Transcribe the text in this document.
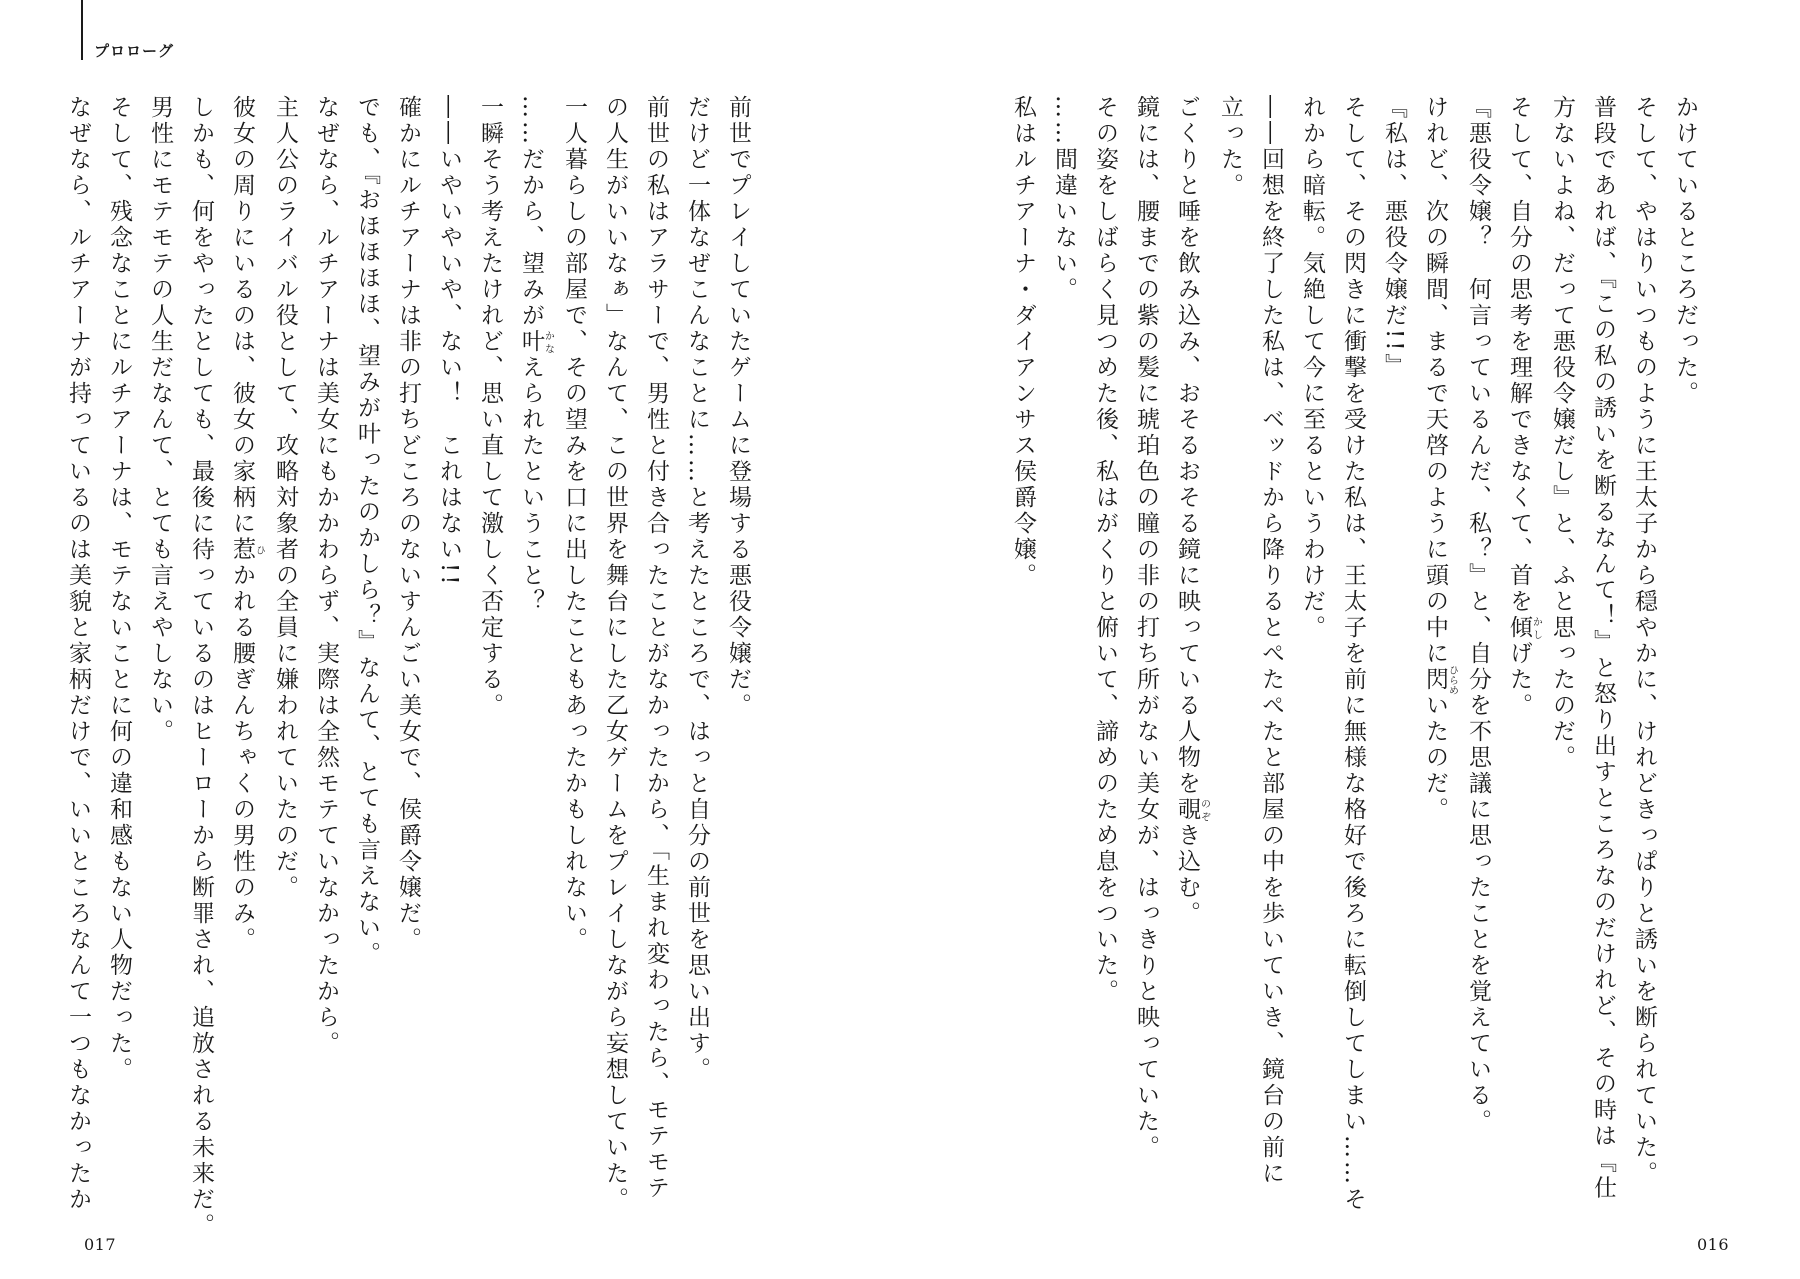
プロローグ

かけているところだった。

そして、やはりいつものように王太子から穏やかに、けれどきっぱりと誘いを断られていた。

普段であれば、『この私の誘いを断るなんて！』と怒り出すところなのだけれど、その時は『仕

方ないよね、だって悪役令嬢だし』と、ふと思ったのだ。

そして、自分の思考を理解できなくて、首を傾かしげた。

『悪役令嬢？　何言っているんだ、私？』と、自分を不思議に思ったことを覚えている。

けれど、次の瞬間、まるで天啓のように頭の中に閃ひらめいたのだ。

『私は、悪役令嬢だ!!』

そして、その閃きに衝撃を受けた私は、王太子を前に無様な格好で後ろに転倒してしまい……そ

れから暗転。気絶して今に至るというわけだ。

――回想を終了した私は、ベッドから降りるとぺたぺたと部屋の中を歩いていき、鏡台の前に

立った。

ごくりと唾を飲み込み、おそるおそる鏡に映っている人物を覗のぞき込む。

鏡には、腰までの紫の髪に琥珀色の瞳の非の打ち所がない美女が、はっきりと映っていた。

その姿をしばらく見つめた後、私はがくりと俯いて、諦めのため息をついた。

……間違いない。

私はルチアーナ・ダイアンサス侯爵令嬢。

前世でプレイしていたゲームに登場する悪役令嬢だ。

だけど一体なぜこんなことに……と考えたところで、はっと自分の前世を思い出す。

前世の私はアラサーで、男性と付き合ったことがなかったから、「生まれ変わったら、モテモテ

の人生がいいなぁ」なんて、この世界を舞台にした乙女ゲームをプレイしながら妄想していた。

一人暮らしの部屋で、その望みを口に出したこともあったかもしれない。

……だから、望みが叶かなえられたということ？

一瞬そう考えたけれど、思い直して激しく否定する。

――いやいやいや、ない！　これはない!!

確かにルチアーナは非の打ちどころのないすんごい美女で、侯爵令嬢だ。

でも、『おほほほほ、望みが叶ったのかしら？』なんて、とても言えない。

なぜなら、ルチアーナは美女にもかかわらず、実際は全然モテていなかったから。

主人公のライバル役として、攻略対象者の全員に嫌われていたのだ。

彼女の周りにいるのは、彼女の家柄に惹ひかれる腰ぎんちゃくの男性のみ。

しかも、何をやったとしても、最後に待っているのはヒーローから断罪され、追放される未来だ。

男性にモテモテの人生だなんて、とても言えやしない。

そして、残念なことにルチアーナは、モテないことに何の違和感もない人物だった。

なぜなら、ルチアーナが持っているのは美貌と家柄だけで、いいところなんて一つもなかったか

017	016
